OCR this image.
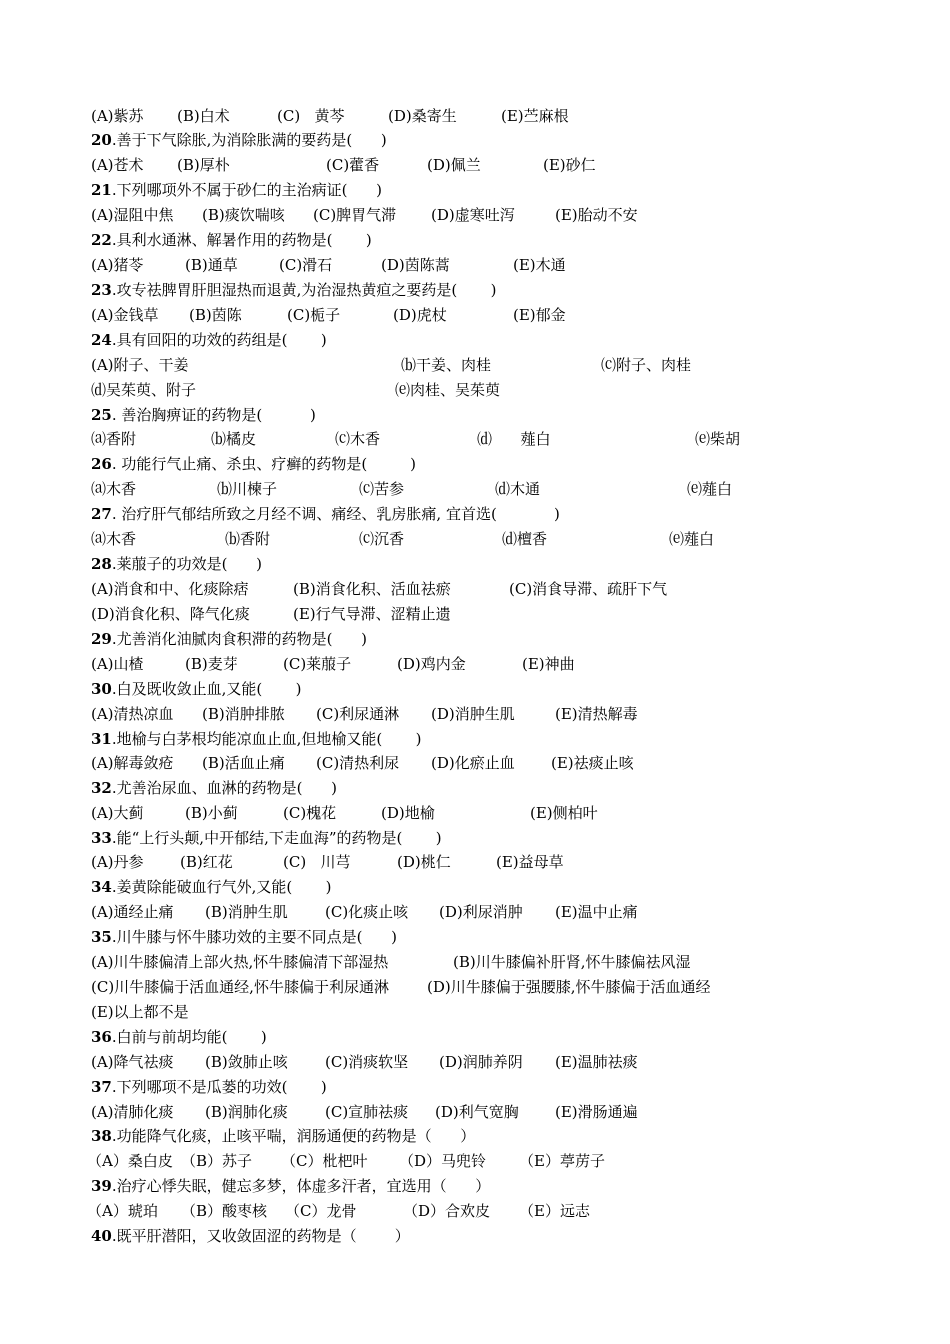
(A)紫苏 (B)白术	(C)   黄芩	(D)桑寄生	(E)苎麻根
20.善于下气除胀,为消除胀满的要药是(      )
(A)苍术 (B)厚朴	(C)藿香	(D)佩兰	(E)砂仁
21.下列哪项外不属于砂仁的主治病证(      )
(A)湿阻中焦 (B)痰饮喘咳 (C)脾胃气滞 (D)虚寒吐泻	(E)胎动不安
22.具利水通淋、解暑作用的药物是(       )
(A)猪苓	(B)通草	(C)滑石	(D)茵陈蒿	(E)木通
23.攻专祛脾胃肝胆湿热而退黄,为治湿热黄疸之要药是(       )
(A)金钱草 (B)茵陈	(C)栀子	(D)虎杖	(E)郁金
24.具有回阳的功效的药组是(       )
(A)附子、干姜	⒝干姜、肉桂	⒞附子、肉桂
⒟吴茱萸、附子	⒠肉桂、吴茱萸
25. 善治胸痹证的药物是(          )
⒜香附	⒝橘皮	⒞木香	⒟      薤白	⒠柴胡
26. 功能行气止痛、杀虫、疗癣的药物是(         )
⒜木香	⒝川楝子	⒞苦参	⒟木通	⒠薤白
27. 治疗肝气郁结所致之月经不调、痛经、乳房胀痛, 宜首选(            )
⒜木香	⒝香附	⒞沉香	⒟檀香	⒠薤白
28.莱菔子的功效是(      )
(A)消食和中、化痰除痞	(B)消食化积、活血祛瘀	(C)消食导滞、疏肝下气
(D)消食化积、降气化痰	(E)行气导滞、涩精止遗
29.尤善消化油腻肉食积滞的药物是(      )
(A)山楂	(B)麦芽	(C)莱菔子	(D)鸡内金	(E)神曲
30.白及既收敛止血,又能(       )
(A)清热凉血 (B)消肿排脓 (C)利尿通淋 (D)消肿生肌	(E)清热解毒
31.地榆与白茅根均能凉血止血,但地榆又能(       )
(A)解毒敛疮 (B)活血止痛 (C)清热利尿 (D)化瘀止血 (E)祛痰止咳
32.尤善治尿血、血淋的药物是(      )
(A)大蓟	(B)小蓟	(C)槐花	(D)地榆	(E)侧柏叶
33.能“上行头颠,中开郁结,下走血海”的药物是(       )
(A)丹参 (B)红花	(C)   川芎	(D)桃仁	(E)益母草
34.姜黄除能破血行气外,又能(       )
(A)通经止痛 (B)消肿生肌 (C)化痰止咳 (D)利尿消肿 (E)温中止痛
35.川牛膝与怀牛膝功效的主要不同点是(      )
(A)川牛膝偏清上部火热,怀牛膝偏清下部湿热	(B)川牛膝偏补肝肾,怀牛膝偏祛风湿
(C)川牛膝偏于活血通经,怀牛膝偏于利尿通淋	(D)川牛膝偏于强腰膝,怀牛膝偏于活血通经
(E)以上都不是
36.白前与前胡均能(       )
(A)降气祛痰 (B)敛肺止咳 (C)消痰软坚 (D)润肺养阴 (E)温肺祛痰
37.下列哪项不是瓜蒌的功效(       )
(A)清肺化痰 (B)润肺化痰 (C)宣肺祛痰 (D)利气宽胸 (E)滑肠通遍
38.功能降气化痰，止咳平喘，润肠通便的药物是（      ）
（A）桑白皮 （B）苏子 （C）枇杷叶 （D）马兜铃 （E）葶苈子
39.治疗心悸失眠，健忘多梦，体虚多汗者，宜选用（      ）
（A）琥珀 （B）酸枣核 （C）龙骨	（D）合欢皮 （E）远志
40.既平肝潜阳，又收敛固涩的药物是（        ）
